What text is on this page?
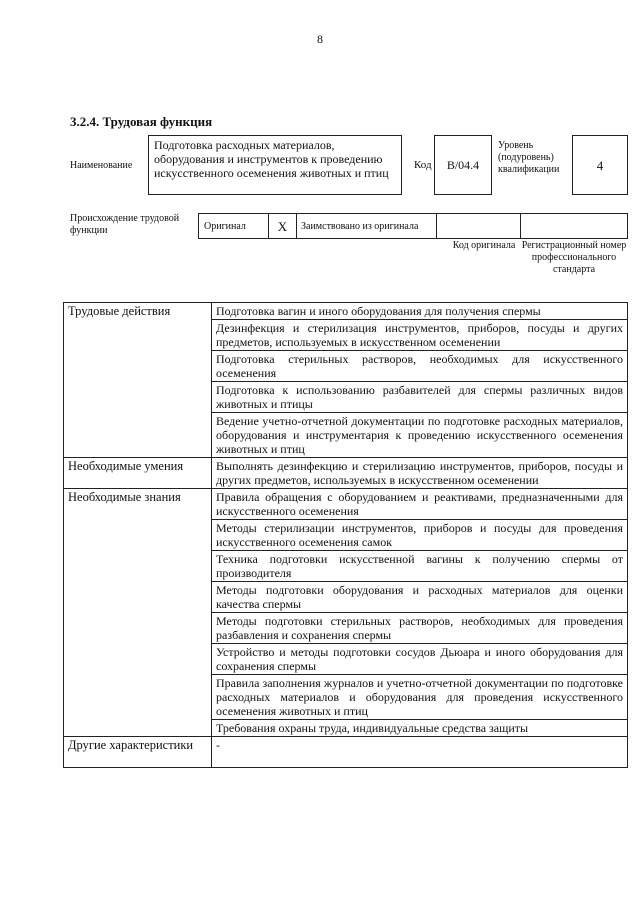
8
3.2.4. Трудовая функция
Наименование
Подготовка расходных материалов, оборудования и инструментов к проведению искусственного осеменения животных и птиц
Код	B/04.4
Уровень (подуровень) квалификации	4
Происхождение трудовой функции	Оригинал	X	Заимствовано из оригинала
Код оригинала Регистрационный номер профессионального стандарта
Трудовые действия	Подготовка вагин и иного оборудования для получения спермы
	Дезинфекция и стерилизация инструментов, приборов, посуды и других предметов, используемых в искусственном осеменении
	Подготовка стерильных растворов, необходимых для искусственного осеменения
	Подготовка к использованию разбавителей для спермы различных видов животных и птицы
	Ведение учетно-отчетной документации по подготовке расходных материалов, оборудования и инструментария к проведению искусственного осеменения животных и птиц
Необходимые умения	Выполнять дезинфекцию и стерилизацию инструментов, приборов, посуды и других предметов, используемых в искусственном осеменении
Необходимые знания	Правила обращения с оборудованием и реактивами, предназначенными для искусственного осеменения
	Методы стерилизации инструментов, приборов и посуды для проведения искусственного осеменения самок
	Техника подготовки искусственной вагины к получению спермы от производителя
	Методы подготовки оборудования и расходных материалов для оценки качества спермы
	Методы подготовки стерильных растворов, необходимых для проведения разбавления и сохранения спермы
	Устройство и методы подготовки сосудов Дьюара и иного оборудования для сохранения спермы
	Правила заполнения журналов и учетно-отчетной документации по подготовке расходных материалов и оборудования для проведения искусственного осеменения животных и птиц
	Требования охраны труда, индивидуальные средства защиты
Другие характеристики	-
